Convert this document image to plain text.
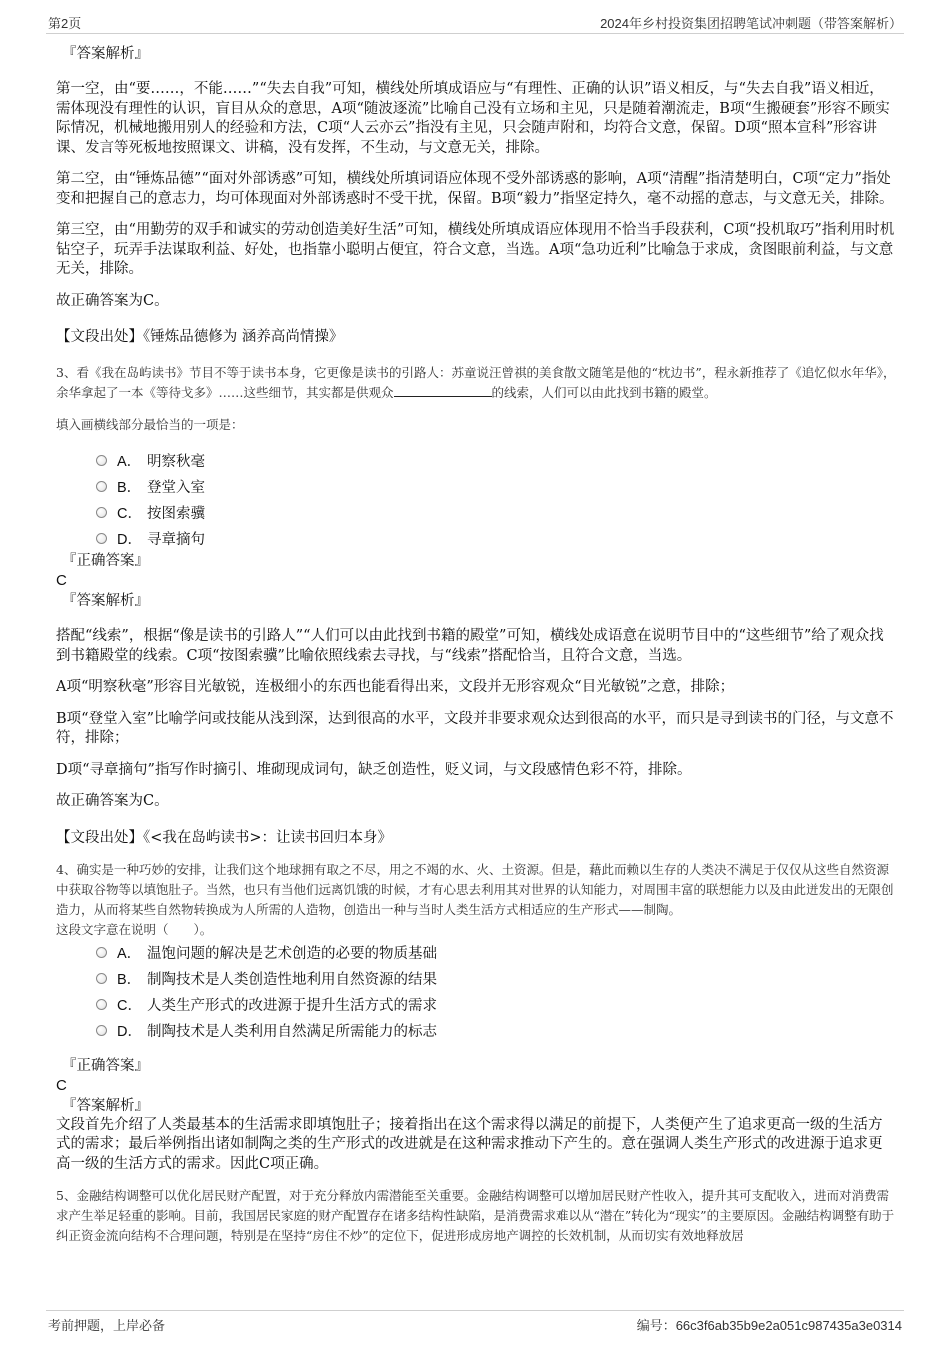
第2页	2024年乡村投资集团招聘笔试冲刺题（带答案解析）
『答案解析』
第一空，由“要……，不能……”“失去自我”可知，横线处所填成语应与“有理性、正确的认识”语义相反，与“失去自我”语义相近，需体现没有理性的认识，盲目从众的意思，A项“随波逐流”比喻自己没有立场和主见，只是随着潮流走，B项“生搬硬套”形容不顾实际情况，机械地搬用别人的经验和方法，C项“人云亦云”指没有主见，只会随声附和，均符合文意，保留。D项“照本宣科”形容讲课、发言等死板地按照课文、讲稿，没有发挥，不生动，与文意无关，排除。
第二空，由“锤炼品德”“面对外部诱惑”可知，横线处所填词语应体现不受外部诱惑的影响，A项“清醒”指清楚明白，C项“定力”指处变和把握自己的意志力，均可体现面对外部诱惑时不受干扰，保留。B项“毅力”指坚定持久，毫不动摇的意志，与文意无关，排除。
第三空，由“用勤劳的双手和诚实的劳动创造美好生活”可知，横线处所填成语应体现用不恰当手段获利，C项“投机取巧”指利用时机钻空子，玩弄手法谋取利益、好处，也指靠小聪明占便宜，符合文意，当选。A项“急功近利”比喻急于求成，贪图眼前利益，与文意无关，排除。
故正确答案为C。
【文段出处】《锤炼品德修为 涵养高尚情操》
3、看《我在岛屿读书》节目不等于读书本身，它更像是读书的引路人：苏童说汪曾祺的美食散文随笔是他的“枕边书”，程永新推荐了《追忆似水年华》，余华拿起了一本《等待戈多》……这些细节，其实都是供观众	的线索，人们可以由此找到书籍的殿堂。
填入画横线部分最恰当的一项是：
A． 明察秋毫
B． 登堂入室
C． 按图索骥
D． 寻章摘句
『正确答案』
C
『答案解析』
搭配“线索”，根据“像是读书的引路人”“人们可以由此找到书籍的殿堂”可知，横线处成语意在说明节目中的“这些细节”给了观众找到书籍殿堂的线索。C项“按图索骥”比喻依照线索去寻找，与“线索”搭配恰当，且符合文意，当选。
A项“明察秋毫”形容目光敏锐，连极细小的东西也能看得出来，文段并无形容观众“目光敏锐”之意，排除；
B项“登堂入室”比喻学问或技能从浅到深，达到很高的水平，文段并非要求观众达到很高的水平，而只是寻到读书的门径，与文意不符，排除；
D项“寻章摘句”指写作时摘引、堆砌现成词句，缺乏创造性，贬义词，与文段感情色彩不符，排除。
故正确答案为C。
【文段出处】《<我在岛屿读书>：让读书回归本身》
4、确实是一种巧妙的安排，让我们这个地球拥有取之不尽，用之不竭的水、火、土资源。但是，藉此而赖以生存的人类决不满足于仅仅从这些自然资源中获取谷物等以填饱肚子。当然，也只有当他们远离饥饿的时候，才有心思去利用其对世界的认知能力，对周围丰富的联想能力以及由此迸发出的无限创造力，从而将某些自然物转换成为人所需的人造物，创造出一种与当时人类生活方式相适应的生产形式——制陶。
这段文字意在说明（　　）。
A． 温饱问题的解决是艺术创造的必要的物质基础
B． 制陶技术是人类创造性地利用自然资源的结果
C． 人类生产形式的改进源于提升生活方式的需求
D． 制陶技术是人类利用自然满足所需能力的标志
『正确答案』
C
『答案解析』
文段首先介绍了人类最基本的生活需求即填饱肚子；接着指出在这个需求得以满足的前提下，人类便产生了追求更高一级的生活方式的需求；最后举例指出诸如制陶之类的生产形式的改进就是在这种需求推动下产生的。意在强调人类生产形式的改进源于追求更高一级的生活方式的需求。因此C项正确。
5、金融结构调整可以优化居民财产配置，对于充分释放内需潜能至关重要。金融结构调整可以增加居民财产性收入，提升其可支配收入，进而对消费需求产生举足轻重的影响。目前，我国居民家庭的财产配置存在诸多结构性缺陷，是消费需求难以从“潜在”转化为“现实”的主要原因。金融结构调整有助于纠正资金流向结构不合理问题，特别是在坚持“房住不炒”的定位下，促进形成房地产调控的长效机制，从而切实有效地释放居
考前押题，上岸必备	编号：66c3f6ab35b9e2a051c987435a3e0314
